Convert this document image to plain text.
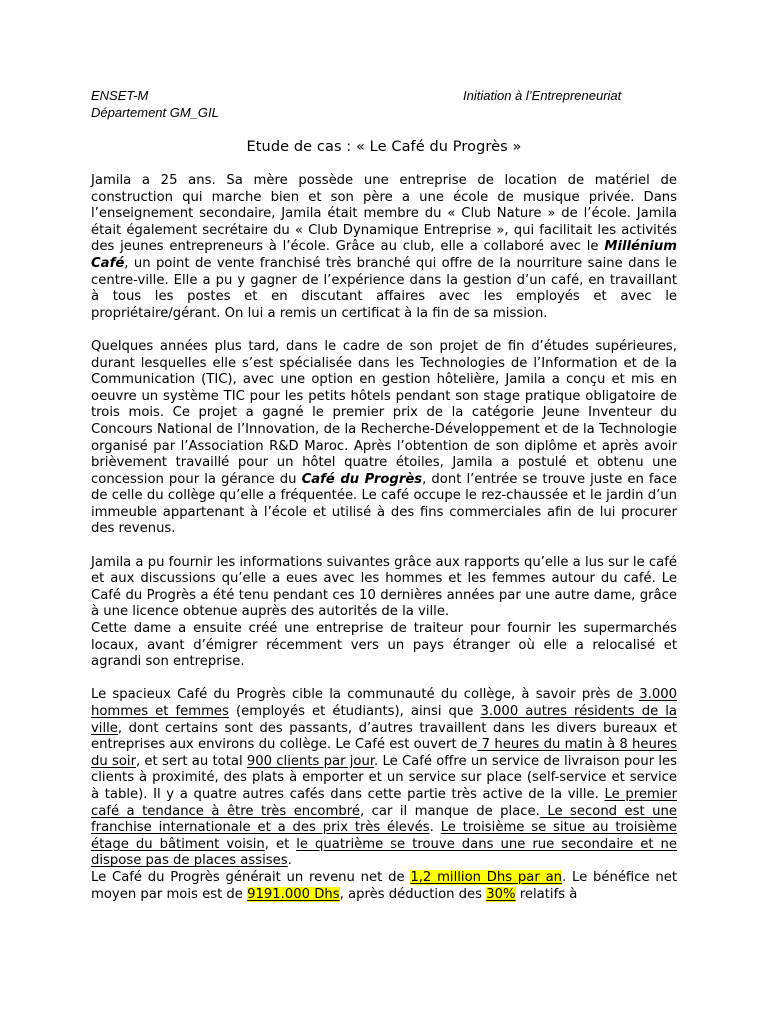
ENSET-M
Département GM_GIL
Initiation à l’Entrepreneuriat
Etude de cas : « Le Café du Progrès »

Jamila a 25 ans. Sa mère possède une entreprise de location de matériel de construction qui marche bien et son père a une école de musique privée. Dans l’enseignement secondaire, Jamila était membre du « Club Nature » de l’école. Jamila était également secrétaire du « Club Dynamique Entreprise », qui facilitait les activités des jeunes entrepreneurs à l’école. Grâce au club, elle a collaboré avec le Millénium Café, un point de vente franchisé très branché qui offre de la nourriture saine dans le centre-ville. Elle a pu y gagner de l’expérience dans la gestion d’un café, en travaillant à tous les postes et en discutant affaires avec les employés et avec le propriétaire/gérant. On lui a remis un certificat à la fin de sa mission.

Quelques années plus tard, dans le cadre de son projet de fin d’études supérieures, durant lesquelles elle s’est spécialisée dans les Technologies de l’Information et de la Communication (TIC), avec une option en gestion hôtelière, Jamila a conçu et mis en oeuvre un système TIC pour les petits hôtels pendant son stage pratique obligatoire de trois mois. Ce projet a gagné le premier prix de la catégorie Jeune Inventeur du Concours National de l’Innovation, de la Recherche-Développement et de la Technologie organisé par l’Association R&D Maroc. Après l’obtention de son diplôme et après avoir brièvement travaillé pour un hôtel quatre étoiles, Jamila a postulé et obtenu une concession pour la gérance du Café du Progrès, dont l’entrée se trouve juste en face de celle du collège qu’elle a fréquentée. Le café occupe le rez-chaussée et le jardin d’un immeuble appartenant à l’école et utilisé à des fins commerciales afin de lui procurer des revenus.

Jamila a pu fournir les informations suivantes grâce aux rapports qu’elle a lus sur le café et aux discussions qu’elle a eues avec les hommes et les femmes autour du café. Le Café du Progrès a été tenu pendant ces 10 dernières années par une autre dame, grâce à une licence obtenue auprès des autorités de la ville.

Cette dame a ensuite créé une entreprise de traiteur pour fournir les supermarchés locaux, avant d’émigrer récemment vers un pays étranger où elle a relocalisé et agrandi son entreprise.

Le spacieux Café du Progrès cible la communauté du collège, à savoir près de 3.000 hommes et femmes (employés et étudiants), ainsi que 3.000 autres résidents de la ville, dont certains sont des passants, d’autres travaillent dans les divers bureaux et entreprises aux environs du collège. Le Café est ouvert de 7 heures du matin à 8 heures du soir, et sert au total 900 clients par jour. Le Café offre un service de livraison pour les clients à proximité, des plats à emporter et un service sur place (self-service et service à table). Il y a quatre autres cafés dans cette partie très active de la ville. Le premier café a tendance à être très encombré, car il manque de place. Le second est une franchise internationale et a des prix très élevés. Le troisième se situe au troisième étage du bâtiment voisin, et le quatrième se trouve dans une rue secondaire et ne dispose pas de places assises.

Le Café du Progrès générait un revenu net de 1,2 million Dhs par an. Le bénéfice net moyen par mois est de 9191.000 Dhs, après déduction des 30% relatifs à
